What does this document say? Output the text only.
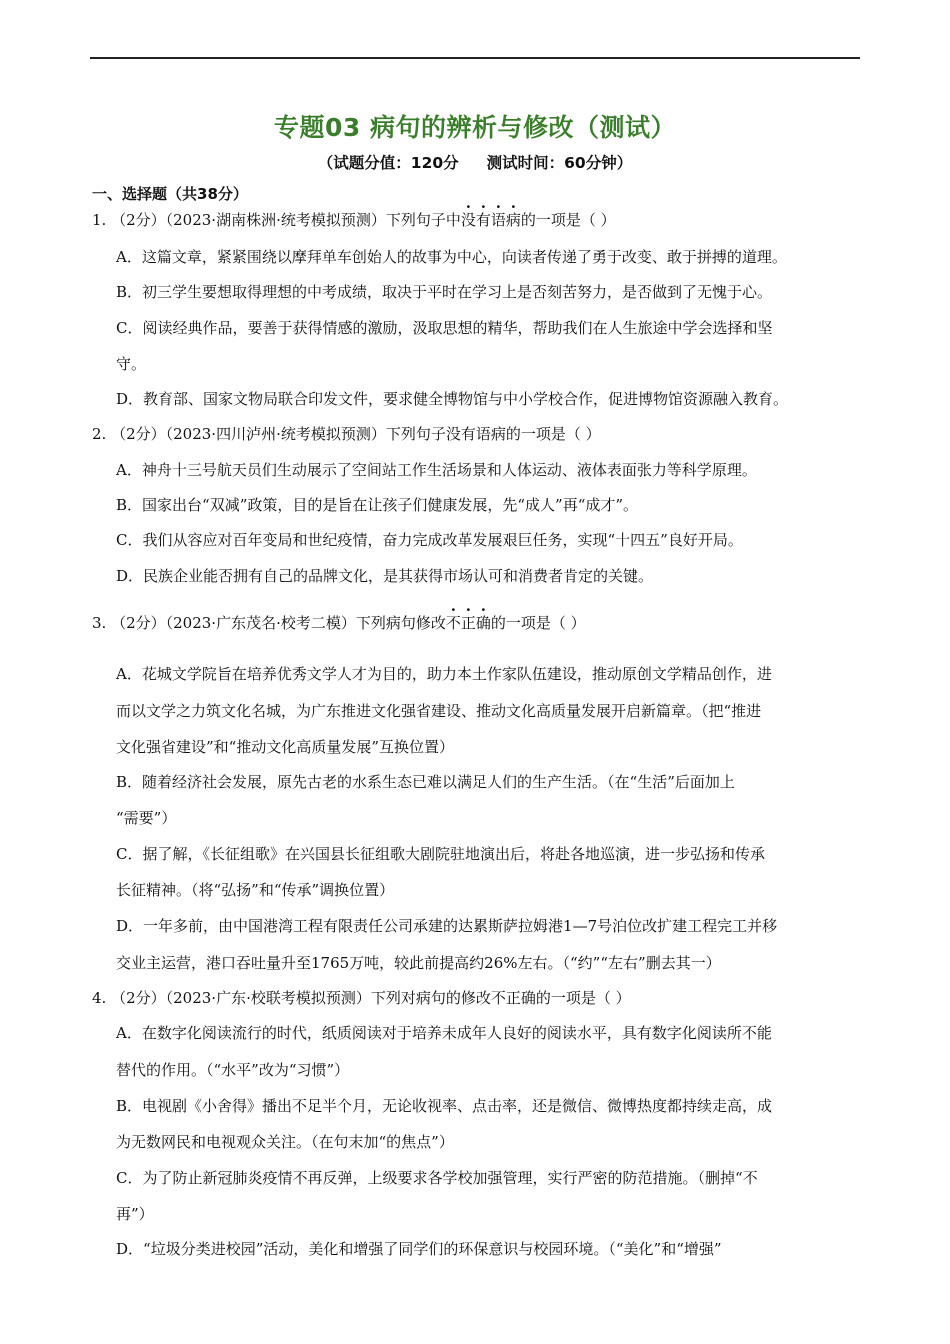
专题03 病句的辨析与修改（测试）
（试题分值：120分 测试时间：60分钟）
一、选择题（共38分）
1. （2分）（2023·湖南株洲·统考模拟预测）下列句子中没有语病的一项是（ ）
A．这篇文章，紧紧围绕以摩拜单车创始人的故事为中心，向读者传递了勇于改变、敢于拼搏的道理。
B．初三学生要想取得理想的中考成绩，取决于平时在学习上是否刻苦努力，是否做到了无愧于心。
C．阅读经典作品，要善于获得情感的激励，汲取思想的精华，帮助我们在人生旅途中学会选择和坚
守。
D．教育部、国家文物局联合印发文件，要求健全博物馆与中小学校合作，促进博物馆资源融入教育。
2. （2分）（2023·四川泸州·统考模拟预测）下列句子没有语病的一项是（ ）
A．神舟十三号航天员们生动展示了空间站工作生活场景和人体运动、液体表面张力等科学原理。
B．国家出台“双减”政策，目的是旨在让孩子们健康发展，先“成人”再“成才”。
C．我们从容应对百年变局和世纪疫情，奋力完成改革发展艰巨任务，实现“十四五”良好开局。
D．民族企业能否拥有自己的品牌文化，是其获得市场认可和消费者肯定的关键。
3. （2分）（2023·广东茂名·校考二模）下列病句修改不正确的一项是（ ）
A．花城文学院旨在培养优秀文学人才为目的，助力本土作家队伍建设，推动原创文学精品创作，进
而以文学之力筑文化名城，为广东推进文化强省建设、推动文化高质量发展开启新篇章。（把“推进
文化强省建设”和“推动文化高质量发展”互换位置）
B．随着经济社会发展，原先古老的水系生态已难以满足人们的生产生活。（在“生活”后面加上
“需要”）
C．据了解，《长征组歌》在兴国县长征组歌大剧院驻地演出后，将赴各地巡演，进一步弘扬和传承
长征精神。（将“弘扬”和“传承”调换位置）
D．一年多前，由中国港湾工程有限责任公司承建的达累斯萨拉姆港1—7号泊位改扩建工程完工并移
交业主运营，港口吞吐量升至1765万吨，较此前提高约26%左右。（“约”“左右”删去其一）
4. （2分）（2023·广东·校联考模拟预测）下列对病句的修改不正确的一项是（ ）
A．在数字化阅读流行的时代，纸质阅读对于培养未成年人良好的阅读水平，具有数字化阅读所不能
替代的作用。（“水平”改为“习惯”）
B．电视剧《小舍得》播出不足半个月，无论收视率、点击率，还是微信、微博热度都持续走高，成
为无数网民和电视观众关注。（在句末加“的焦点”）
C．为了防止新冠肺炎疫情不再反弹，上级要求各学校加强管理，实行严密的防范措施。（删掉“不
再”）
D．“垃圾分类进校园”活动，美化和增强了同学们的环保意识与校园环境。（“美化”和“增强”
